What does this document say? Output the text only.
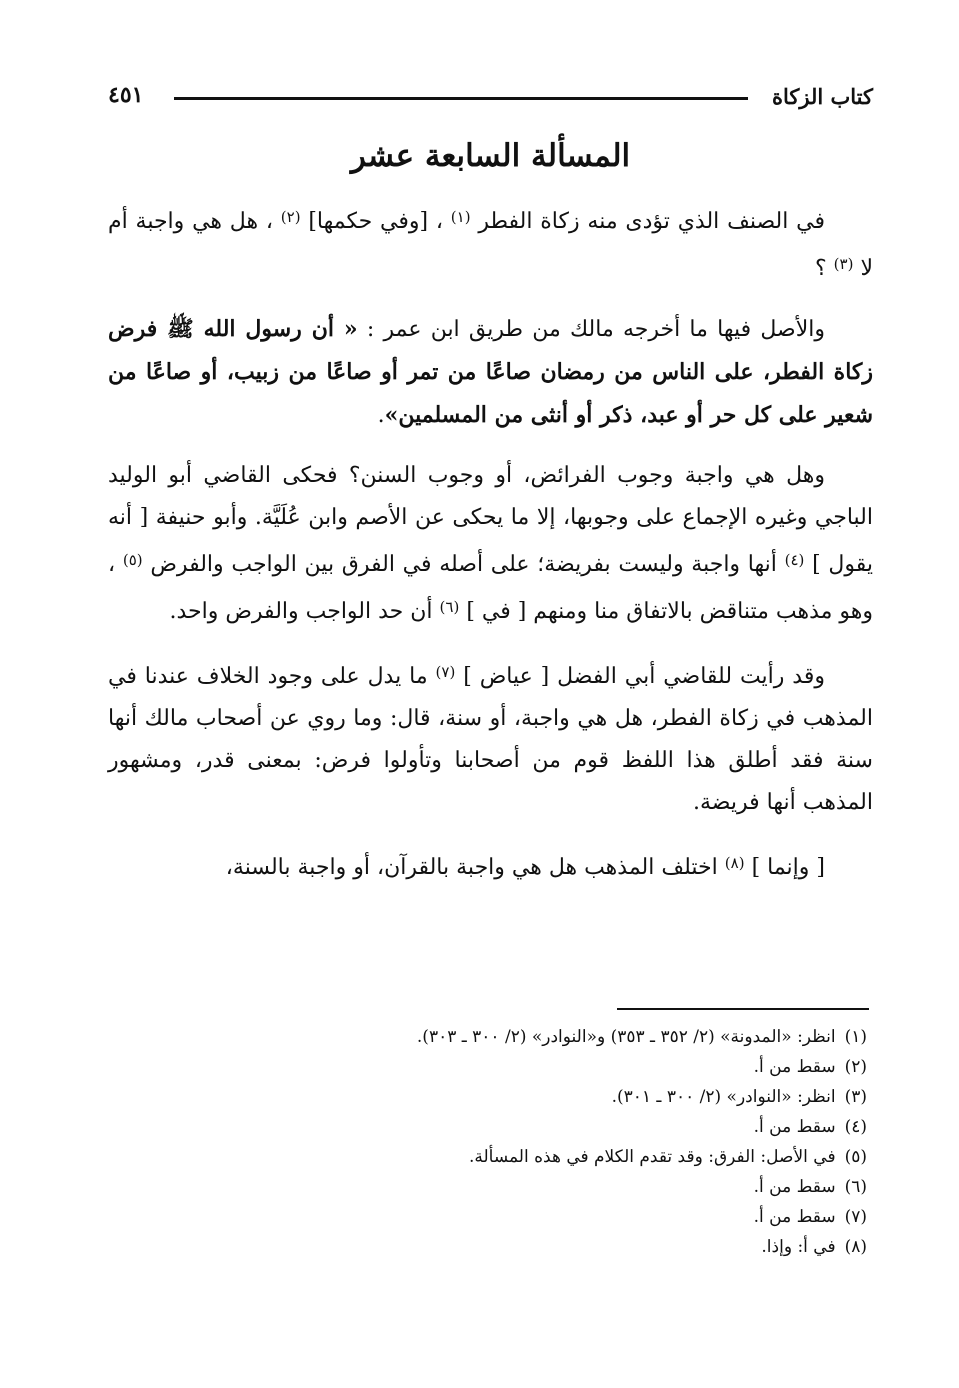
كتاب الزكاة
٤٥١
المسألة السابعة عشر

في الصنف الذي تؤدى منه زكاة الفطر $^{(١)}$ ، [وفي حكمها] $^{(٢)}$ ، هل هي واجبة أم لا $^{(٣)}$ ؟

والأصل فيها ما أخرجه مالك من طريق ابن عمر : « أن رسول الله ﷺ فرض زكاة الفطر، على الناس من رمضان صاعًا من تمر أو صاعًا من زبيب، أو صاعًا من شعير على كل حر أو عبد، ذكر أو أنثى من المسلمين».

وهل هي واجبة وجوب الفرائض، أو وجوب السنن؟ فحكى القاضي أبو الوليد الباجي وغيره الإجماع على وجوبها، إلا ما يحكى عن الأصم وابن عُلَيَّة. وأبو حنيفة [ أنه يقول ] $^{(٤)}$ أنها واجبة وليست بفريضة؛ على أصله في الفرق بين الواجب والفرض $^{(٥)}$ ، وهو مذهب متناقض بالاتفاق منا ومنهم [ في ] $^{(٦)}$ أن حد الواجب والفرض واحد.

وقد رأيت للقاضي أبي الفضل [ عياض ] $^{(٧)}$ ما يدل على وجود الخلاف عندنا في المذهب في زكاة الفطر، هل هي واجبة، أو سنة، قال: وما روي عن أصحاب مالك أنها سنة فقد أطلق هذا اللفظ قوم من أصحابنا وتأولوا فرض: بمعنى قدر، ومشهور المذهب أنها فريضة.

[ وإنما ] $^{(٨)}$ اختلف المذهب هل هي واجبة بالقرآن، أو واجبة بالسنة،

(١) انظر: «المدونة» (٢/ ٣٥٢ ـ ٣٥٣) و«النوادر» (٢/ ٣٠٠ ـ ٣٠٣).
(٢) سقط من أ.
(٣) انظر: «النوادر» (٢/ ٣٠٠ ـ ٣٠١).
(٤) سقط من أ.
(٥) في الأصل: الفرق: وقد تقدم الكلام في هذه المسألة.
(٦) سقط من أ.
(٧) سقط من أ.
(٨) في أ: وإذا.
